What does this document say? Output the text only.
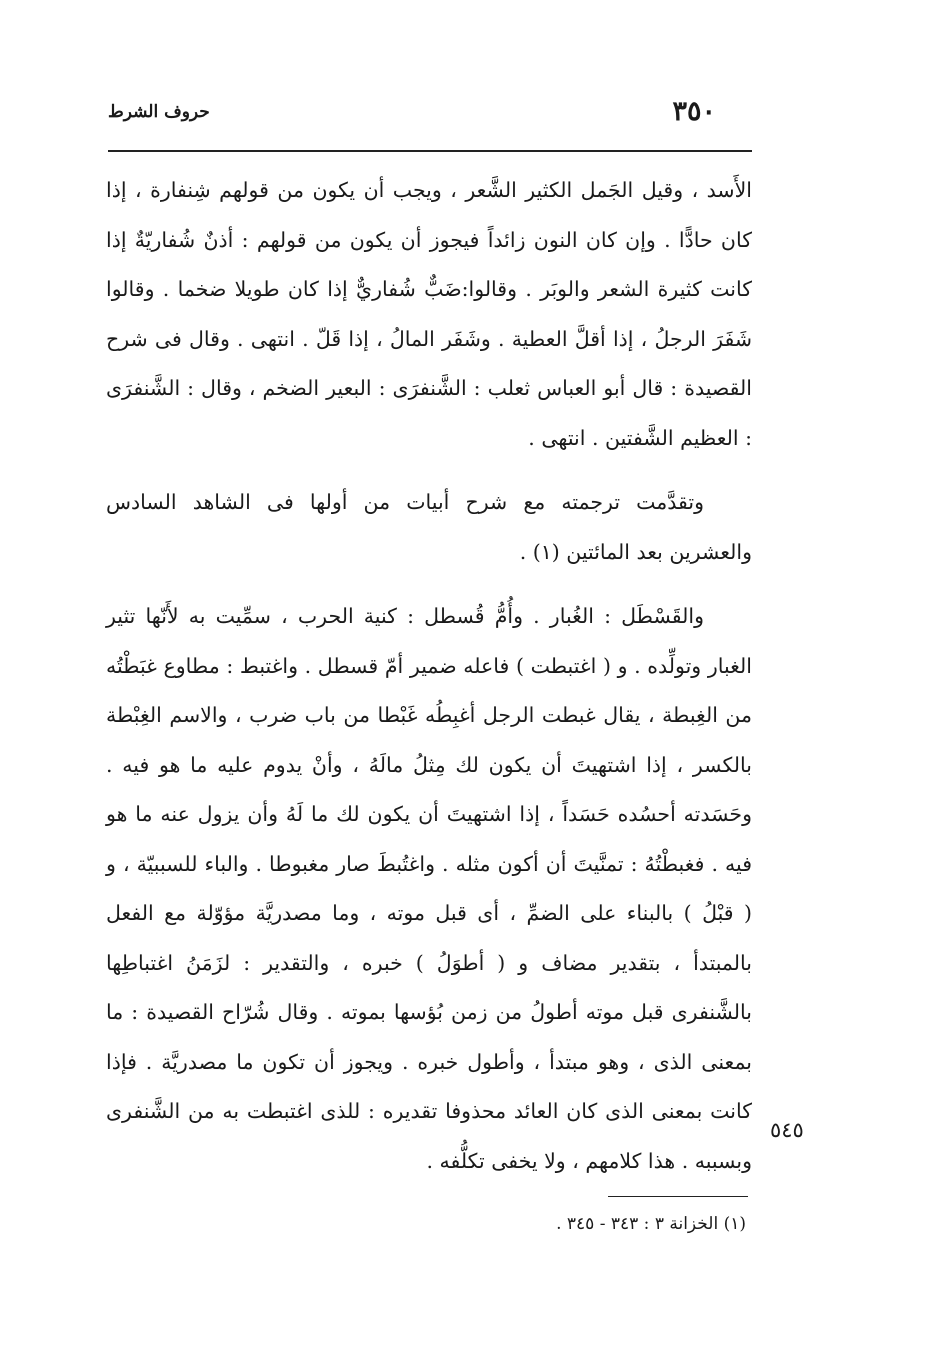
٣٥٠
حروف الشرط

الأَسد ، وقيل الجَمل الكثير الشَّعر ، ويجب أن يكون من قولهم شِنفارة ، إذا كان حادًّا . وإن كان النون زائداً فيجوز أن يكون من قولهم : أذنٌ شُفاريّةٌ إذا كانت كثيرة الشعر والوبَر . وقالوا:ضَبٌّ شُفاريٌّ إذا كان طويلا ضخما . وقالوا شَفَرَ الرجلُ ، إذا أقلَّ العطية . وشَفَر المالُ ، إذا قَلّ . انتهى . وقال فى شرح القصيدة : قال أبو العباس ثعلب : الشَّنفرَى : البعير الضخم ، وقال : الشَّنفرَى : العظيم الشَّفتين . انتهى .

وتقدَّمت ترجمته مع شرح أبيات من أولها فى الشاهد السادس والعشرين بعد المائتين (١) .

والقَسْطَل : الغُبار . وأُمُّ قُسطل : كنية الحرب ، سمِّيت به لأَنّها تثير الغبار وتولِّده . و ( اغتبطت ) فاعله ضمير أمّ قسطل . واغتبط : مطاوع غبَطْتُه من الغِبطة ، يقال غبطت الرجل أغبِطُه غَبْطا من باب ضرب ، والاسم الغِبْطة بالكسر ، إذا اشتهيتَ أن يكون لك مِثلُ مالَهُ ، وأنْ يدوم عليه ما هو فيه . وحَسَدته أحسُده حَسَداً ، إذا اشتهيتَ أن يكون لك ما لَهُ وأن يزول عنه ما هو فيه . فغبطْتُهُ : تمنَّيتَ أن أكون مثله . واغتُبطَ صار مغبوطا . والباء للسببيّة ، و ( قبْلُ ) بالبناء على الضمِّ ، أى قبل موته ، وما مصدريَّة مؤوّلة مع الفعل بالمبتدأ ، بتقدير مضاف و ( أطوَلُ ) خبره ، والتقدير : لزَمَنُ اغتباطِها بالشَّنفرى قبل موته أطولُ من زمن بُؤسها بموته . وقال شُرّاح القصيدة : ما بمعنى الذى ، وهو مبتدأ ، وأطول خبره . ويجوز أن تكون ما مصدريَّة . فإذا كانت بمعنى الذى كان العائد محذوفا تقديره : للذى اغتبطت به من الشَّنفرى وبسببه . هذا كلامهم ، ولا يخفى تكلُّفه .

٥٤٥
(١) الخزانة ٣ : ٣٤٣ - ٣٤٥ .
